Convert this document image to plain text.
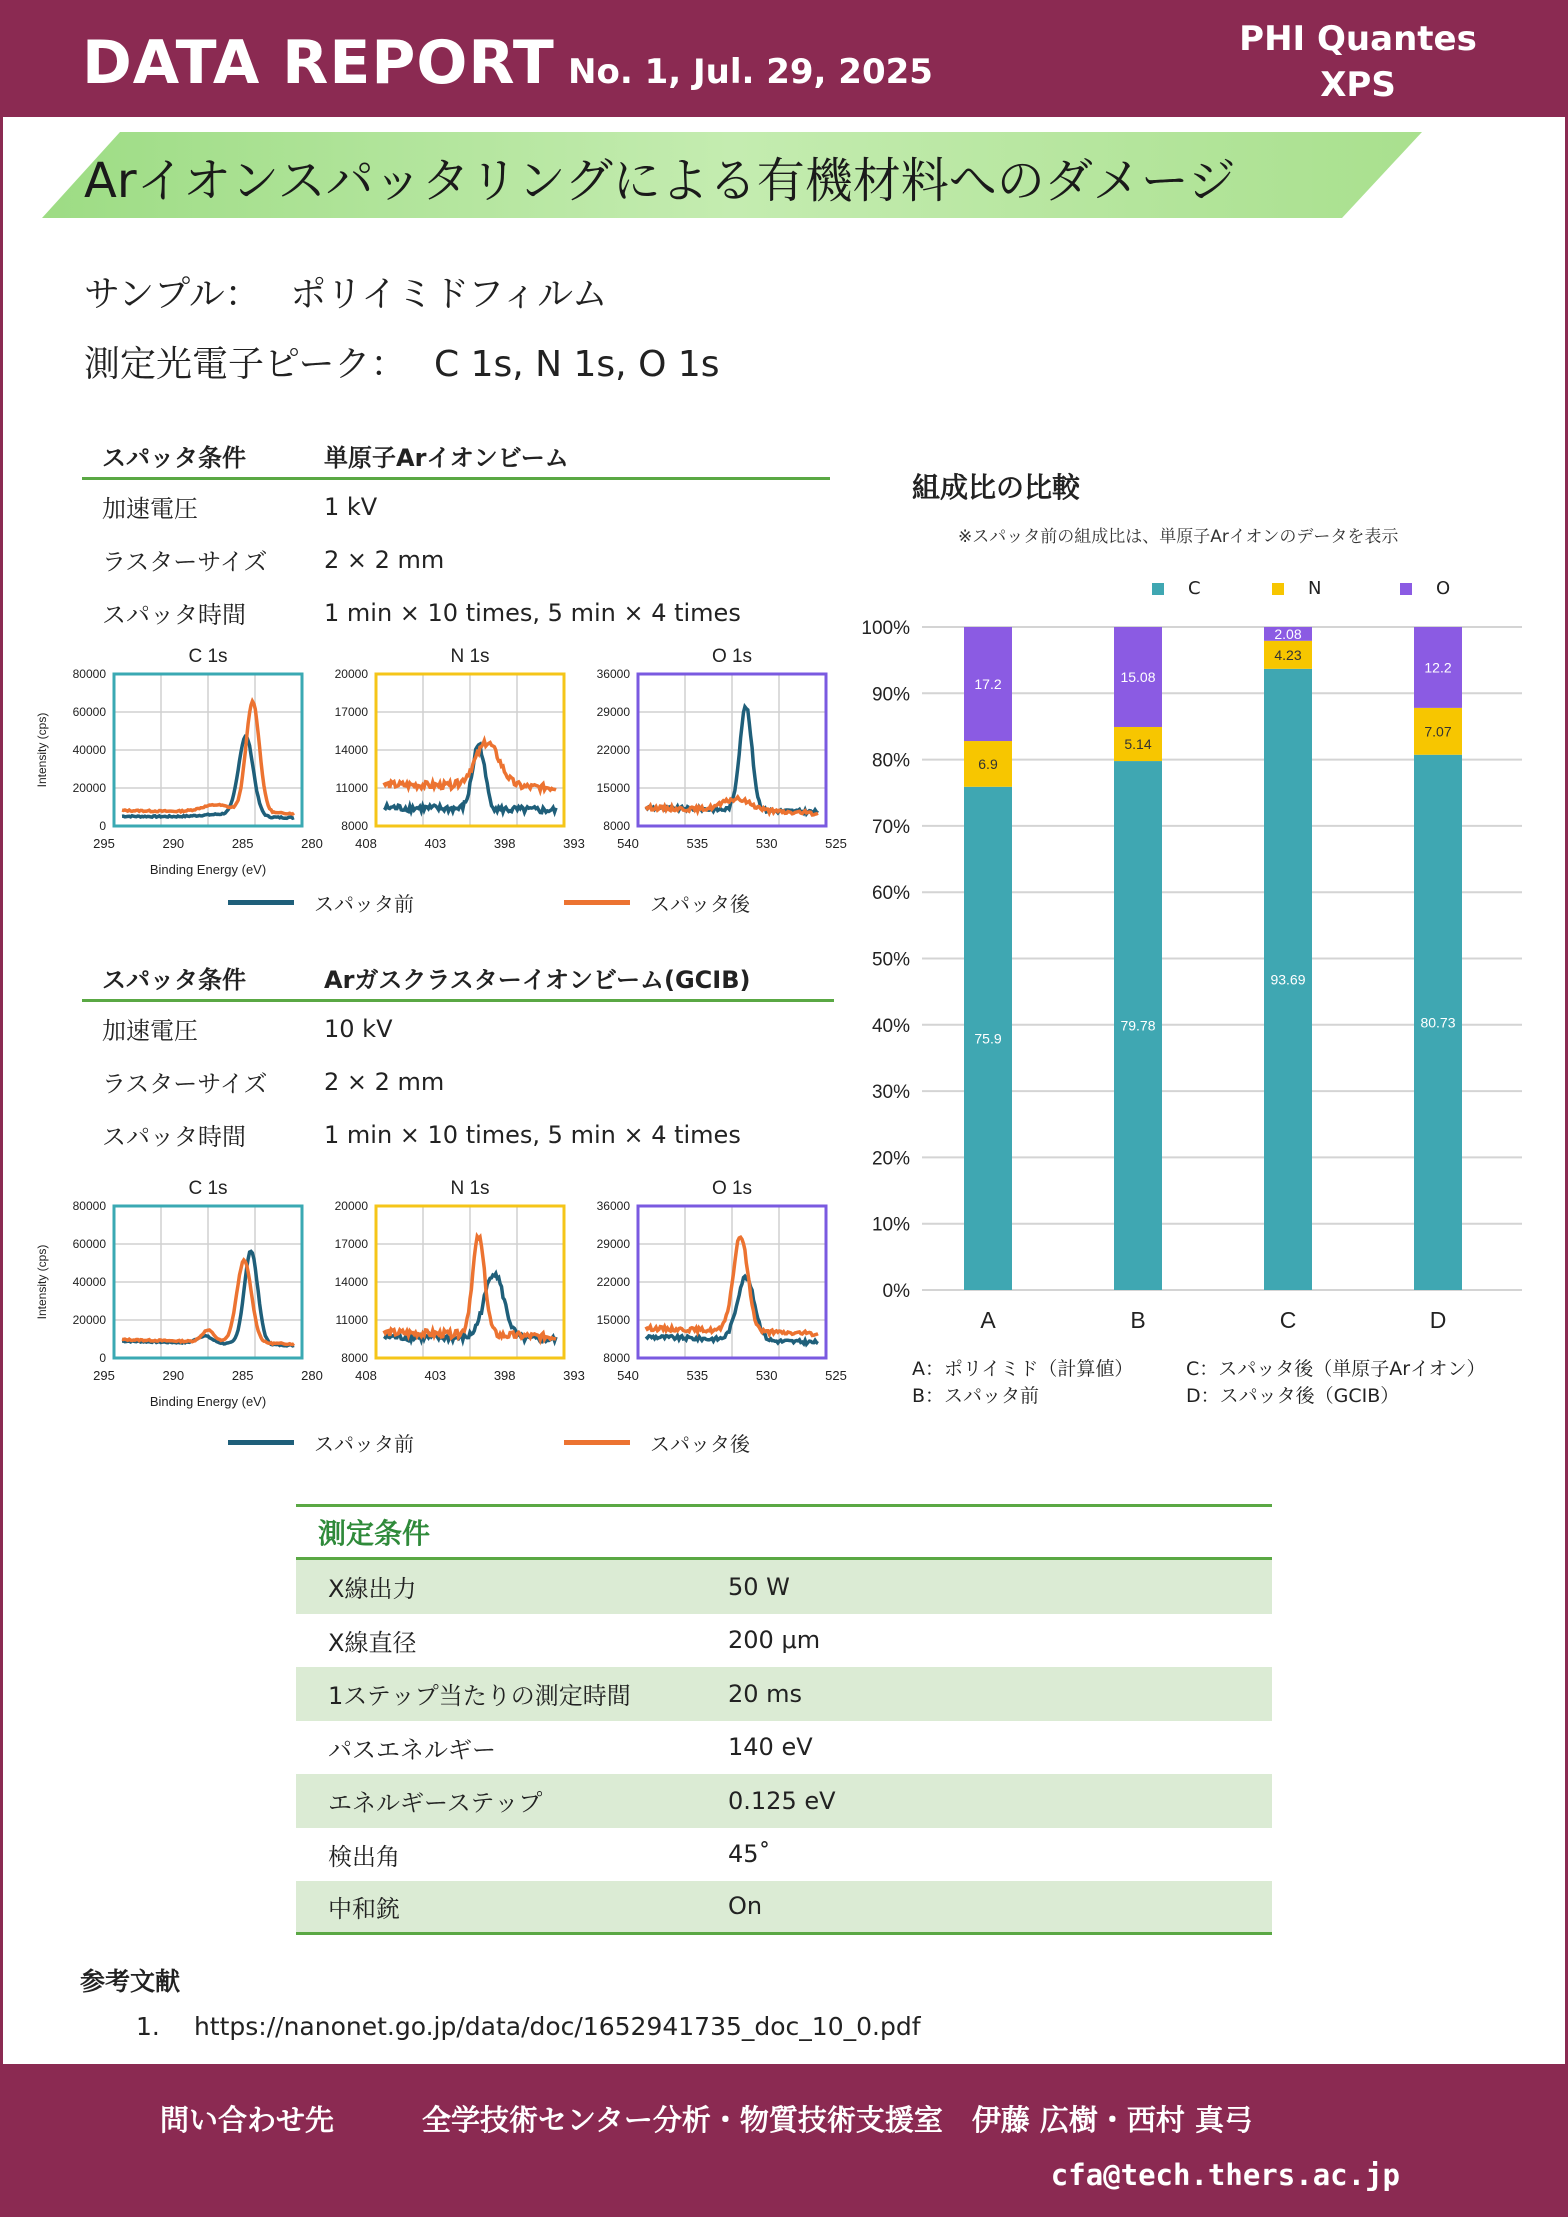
DATA REPORT No. 1, Jul. 29, 2025
PHI Quantes
XPS
Arイオンスパッタリングによる有機材料へのダメージ
サンプル： ポリイミドフィルム
測定光電子ピーク： C 1s, N 1s, O 1s
スパッタ条件	単原子Arイオンビーム
加速電圧	1 kV
ラスターサイズ	2 × 2 mm
スパッタ時間	1 min × 10 times, 5 min × 4 times
C 1s
80000
60000
40000
20000
0
295	290	285	280
N 1s
20000
17000
14000
11000
8000
408	403	398	393
O 1s
36000
29000
22000
15000
8000
540	535	530	525
Intensity (cps)
Binding Energy (eV)
スパッタ前	スパッタ後
スパッタ条件	Arガスクラスターイオンビーム(GCIB)
加速電圧	10 kV
ラスターサイズ	2 × 2 mm
スパッタ時間	1 min × 10 times, 5 min × 4 times
C 1s
80000
60000
40000
20000
0
295	290	285	280
N 1s
20000
17000
14000
11000
8000
408	403	398	393
O 1s
36000
29000
22000
15000
8000
540	535	530	525
Intensity (cps)
Binding Energy (eV)
スパッタ前	スパッタ後
組成比の比較
※スパッタ前の組成比は、単原子Arイオンのデータを表示
C	N	O
100%
90%
80%
70%
60%
50%
40%
30%
20%
10%
0%
75.9
6.9
17.2
A
79.78
5.14
15.08
B
93.69
4.23
2.08
C
80.73
7.07
12.2
D
A：ポリイミド（計算値）
B：スパッタ前
C：スパッタ後（単原子Arイオン）
D：スパッタ後（GCIB）
測定条件
X線出力	50 W
X線直径	200 μm
1ステップ当たりの測定時間	20 ms
パスエネルギー	140 eV
エネルギーステップ	0.125 eV
検出角	45˚
中和銃	On
参考文献
1. https://nanonet.go.jp/data/doc/1652941735_doc_10_0.pdf
問い合わせ先	全学技術センター分析・物質技術支援室　伊藤 広樹・西村 真弓
cfa@tech.thers.ac.jp
